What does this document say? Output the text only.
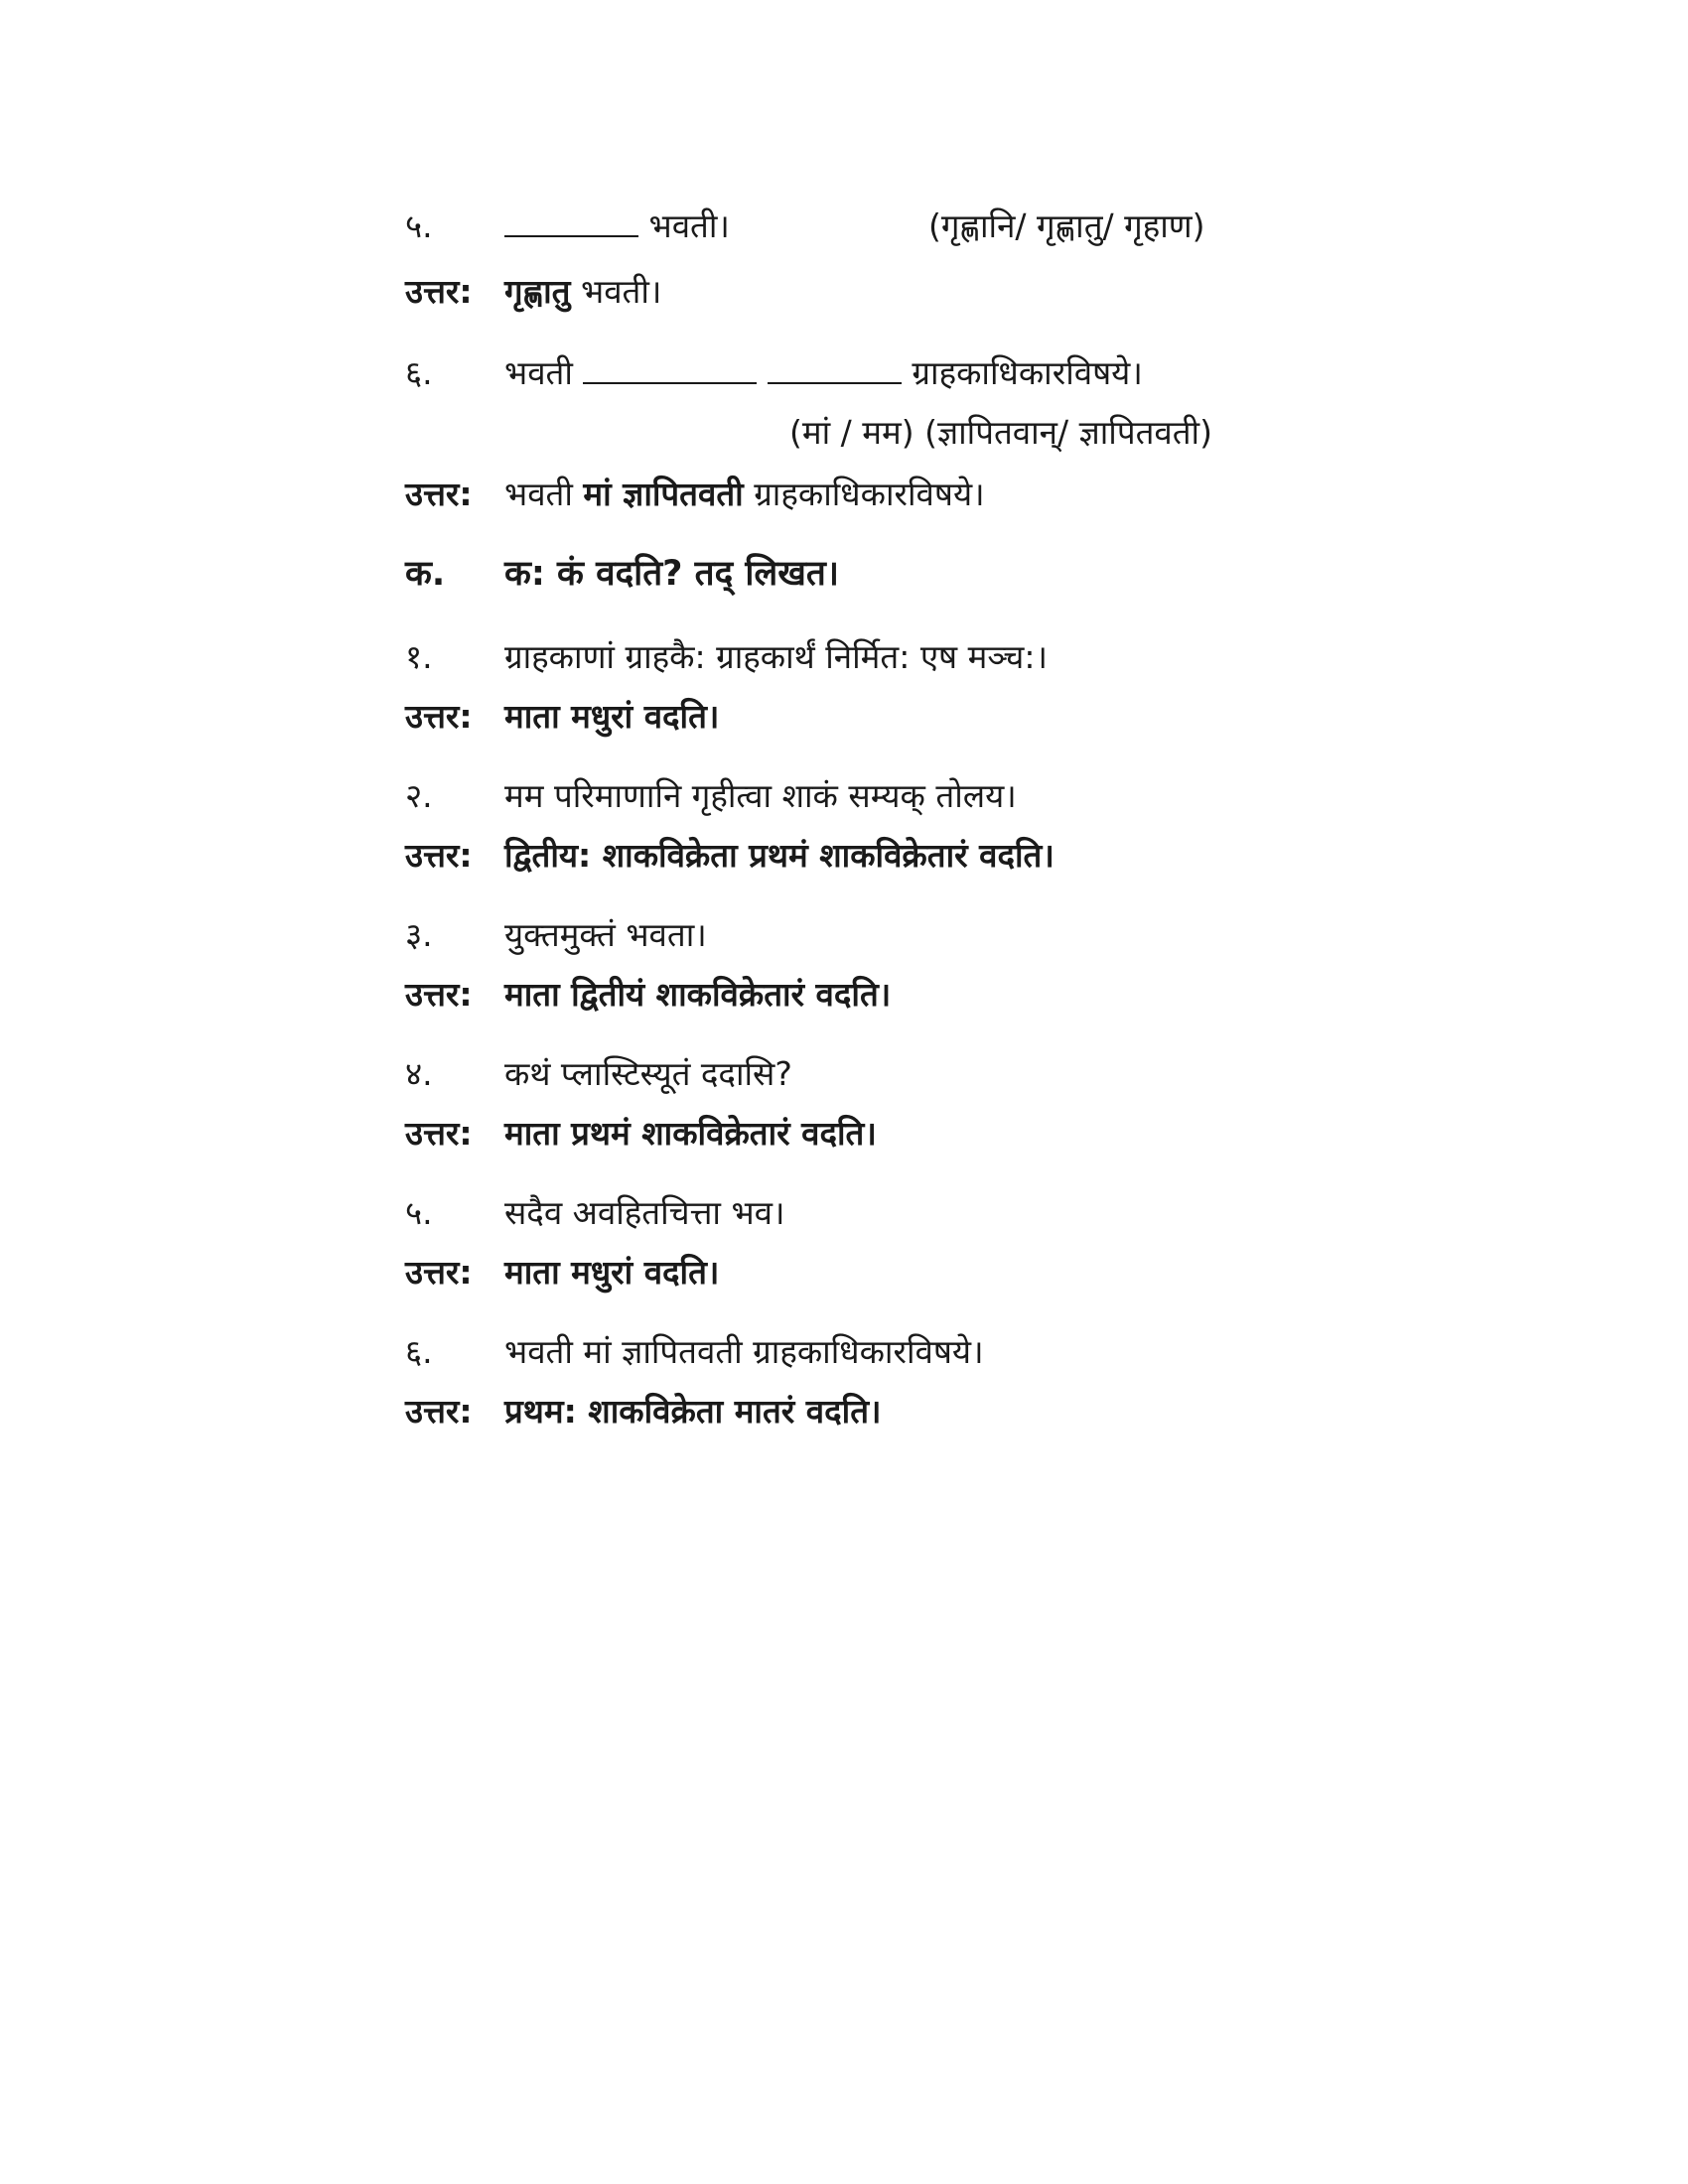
५.	भवती।	(गृह्णानि/ गृह्णातु/ गृहाण)
उत्तर: गृह्णातु भवती।
६. भवती	ग्राहकाधिकारविषये।
(मां / मम) (ज्ञापितवान्/ ज्ञापितवती)
उत्तर: भवती मां ज्ञापितवती ग्राहकाधिकारविषये।
क. क: कं वदति? तद् लिखत।
१. ग्राहकाणां ग्राहकै: ग्राहकार्थं निर्मित: एष मञ्च:।
उत्तर: माता मधुरां वदति।
२. मम परिमाणानि गृहीत्वा शाकं सम्यक् तोलय।
उत्तर: द्वितीय: शाकविक्रेता प्रथमं शाकविक्रेतारं वदति।
३. युक्तमुक्तं भवता।
उत्तर: माता द्वितीयं शाकविक्रेतारं वदति।
४. कथं प्लास्टिस्यूतं ददासि?
उत्तर: माता प्रथमं शाकविक्रेतारं वदति।
५. सदैव अवहितचित्ता भव।
उत्तर: माता मधुरां वदति।
६. भवती मां ज्ञापितवती ग्राहकाधिकारविषये।
उत्तर: प्रथम: शाकविक्रेता मातरं वदति।
